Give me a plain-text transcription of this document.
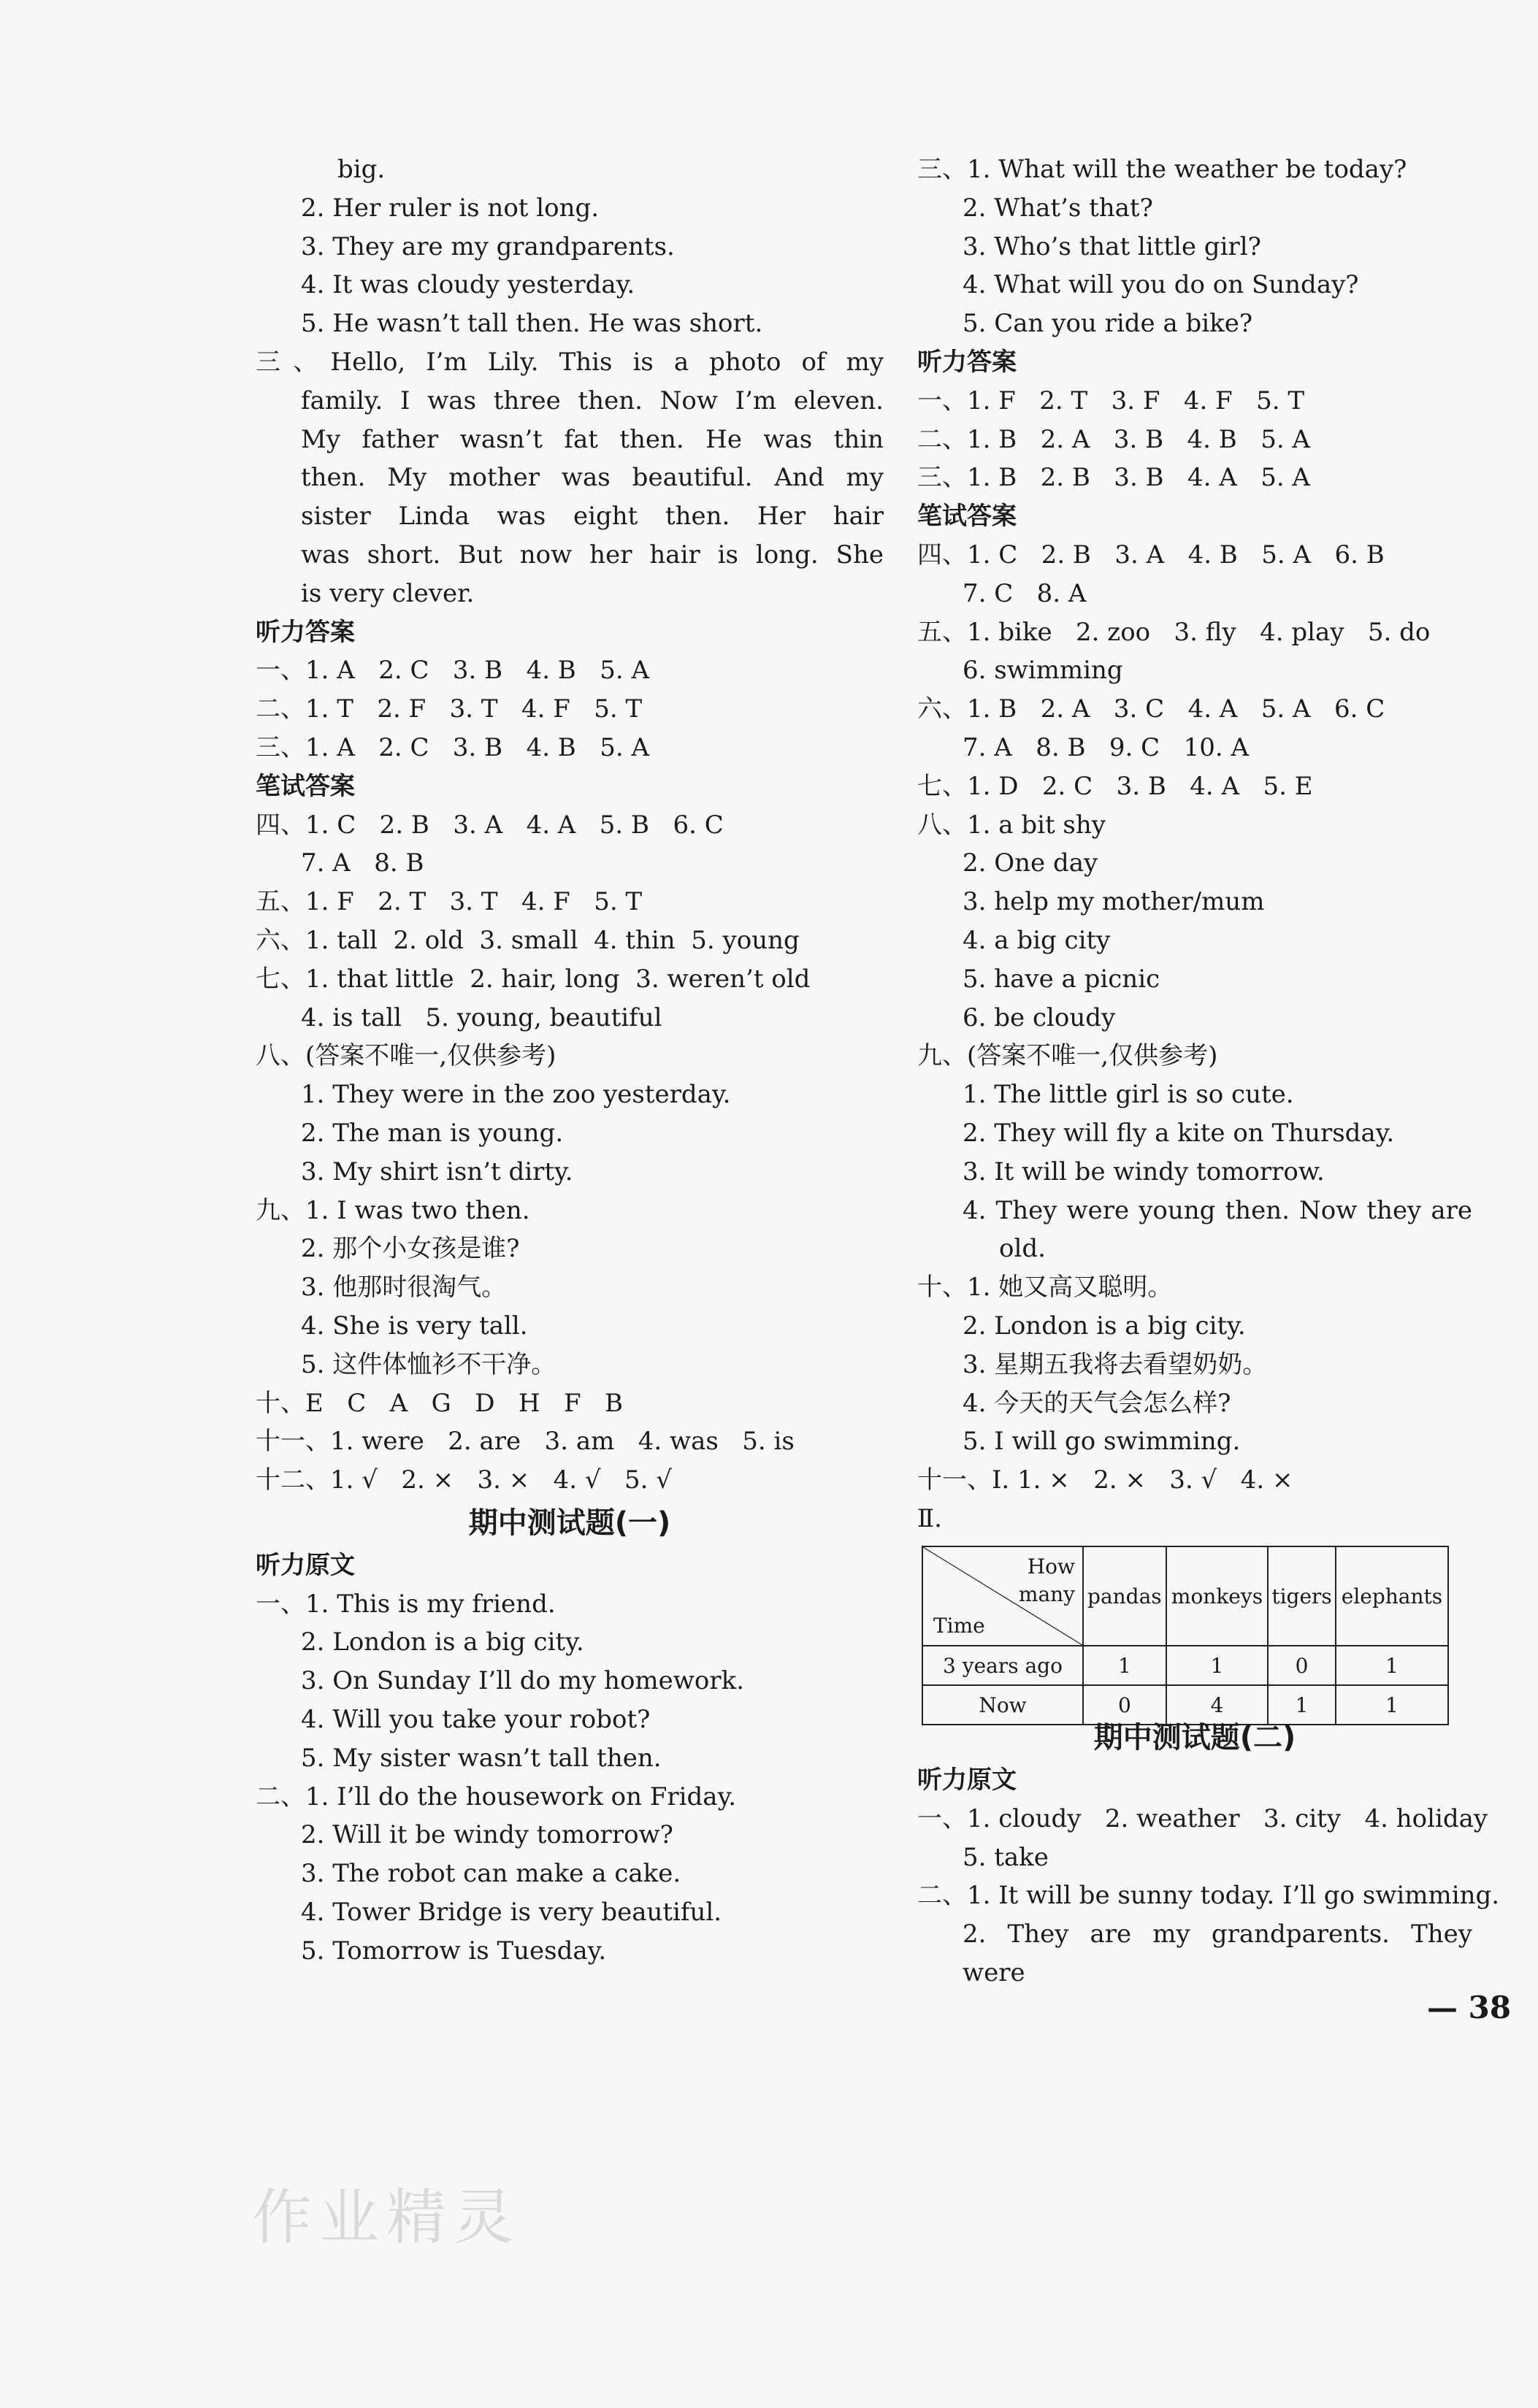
big.
2. Her ruler is not long.
3. They are my grandparents.
4. It was cloudy yesterday.
5. He wasn’t tall then. He was short.
三、Hello, I’m Lily. This is a photo of my
family. I was three then. Now I’m eleven.
My father wasn’t fat then. He was thin
then. My mother was beautiful. And my
sister Linda was eight then. Her hair
was short. But now her hair is long. She
is very clever.
听力答案
一、1. A   2. C   3. B   4. B   5. A
二、1. T   2. F   3. T   4. F   5. T
三、1. A   2. C   3. B   4. B   5. A
笔试答案
四、1. C   2. B   3. A   4. A   5. B   6. C
7. A   8. B
五、1. F   2. T   3. T   4. F   5. T
六、1. tall  2. old  3. small  4. thin  5. young
七、1. that little  2. hair, long  3. weren’t old
4. is tall   5. young, beautiful
八、(答案不唯一,仅供参考)
1. They were in the zoo yesterday.
2. The man is young.
3. My shirt isn’t dirty.
九、1. I was two then.
2. 那个小女孩是谁?
3. 他那时很淘气。
4. She is very tall.
5. 这件体恤衫不干净。
十、E   C   A   G   D   H   F   B
十一、1. were   2. are   3. am   4. was   5. is
十二、1. √   2. ×   3. ×   4. √   5. √
期中测试题(一)
听力原文
一、1. This is my friend.
2. London is a big city.
3. On Sunday I’ll do my homework.
4. Will you take your robot?
5. My sister wasn’t tall then.
二、1. I’ll do the housework on Friday.
2. Will it be windy tomorrow?
3. The robot can make a cake.
4. Tower Bridge is very beautiful.
5. Tomorrow is Tuesday.
三、1. What will the weather be today?
2. What’s that?
3. Who’s that little girl?
4. What will you do on Sunday?
5. Can you ride a bike?
听力答案
一、1. F   2. T   3. F   4. F   5. T
二、1. B   2. A   3. B   4. B   5. A
三、1. B   2. B   3. B   4. A   5. A
笔试答案
四、1. C   2. B   3. A   4. B   5. A   6. B
7. C   8. A
五、1. bike   2. zoo   3. fly   4. play   5. do
6. swimming
六、1. B   2. A   3. C   4. A   5. A   6. C
7. A   8. B   9. C   10. A
七、1. D   2. C   3. B   4. A   5. E
八、1. a bit shy
2. One day
3. help my mother/mum
4. a big city
5. have a picnic
6. be cloudy
九、(答案不唯一,仅供参考)
1. The little girl is so cute.
2. They will fly a kite on Thursday.
3. It will be windy tomorrow.
4. They were young then. Now they are
old.
十、1. 她又高又聪明。
2. London is a big city.
3. 星期五我将去看望奶奶。
4. 今天的天气会怎么样?
5. I will go swimming.
十一、Ⅰ. 1. ×   2. ×   3. √   4. ×
Ⅱ.
How
many
Time	pandas	monkeys	tigers	elephants
3 years ago	1	1	0	1
Now	0	4	1	1
期中测试题(二)
听力原文
一、1. cloudy   2. weather   3. city   4. holiday
5. take
二、1. It will be sunny today. I’ll go swimming.
2. They are my grandparents. They were
— 38
作业精灵
